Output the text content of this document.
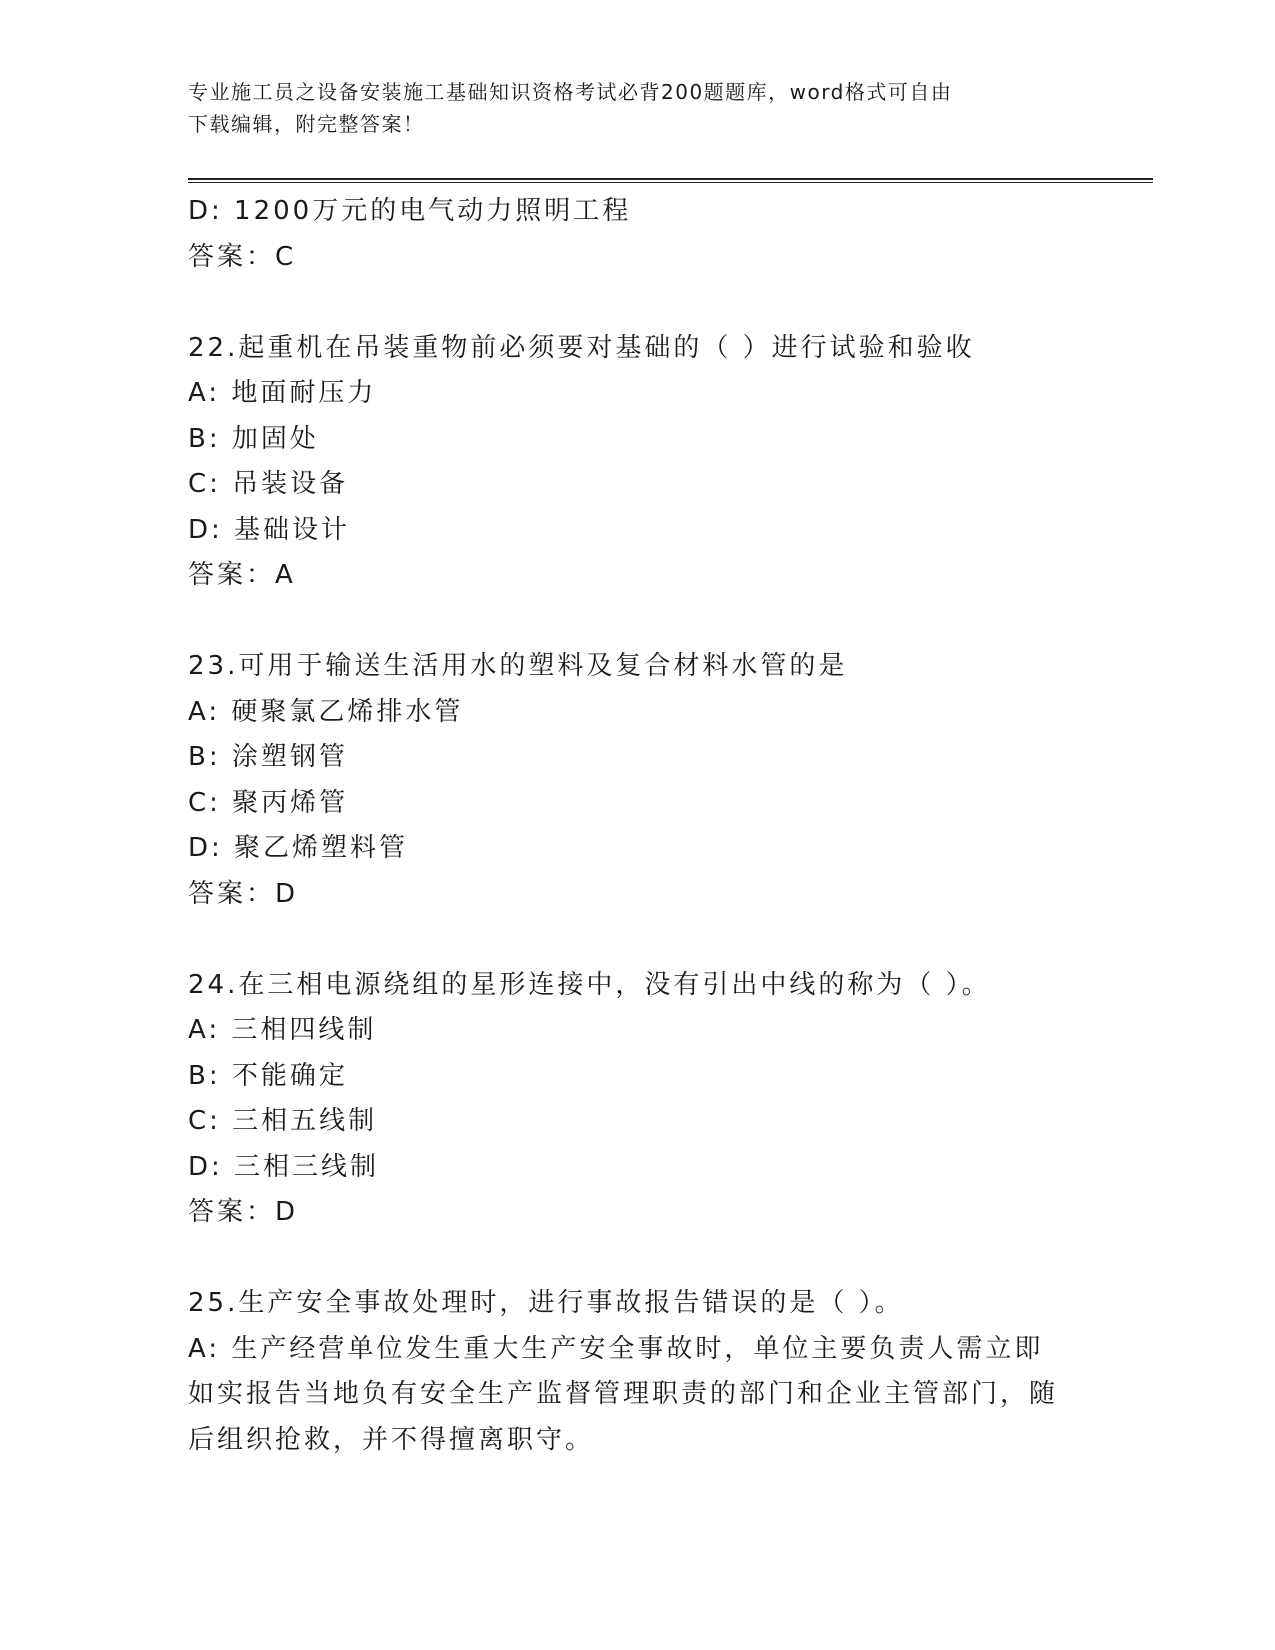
专业施工员之设备安装施工基础知识资格考试必背200题题库，word格式可自由
下载编辑，附完整答案！
D: 1200万元的电气动力照明工程
答案：C
22.起重机在吊装重物前必须要对基础的（ ）进行试验和验收
A: 地面耐压力
B: 加固处
C: 吊装设备
D: 基础设计
答案：A
23.可用于输送生活用水的塑料及复合材料水管的是
A: 硬聚氯乙烯排水管
B: 涂塑钢管
C: 聚丙烯管
D: 聚乙烯塑料管
答案：D
24.在三相电源绕组的星形连接中，没有引出中线的称为（ ）。
A: 三相四线制
B: 不能确定
C: 三相五线制
D: 三相三线制
答案：D
25.生产安全事故处理时，进行事故报告错误的是（ ）。
A: 生产经营单位发生重大生产安全事故时，单位主要负责人需立即如实报告当地负有安全生产监督管理职责的部门和企业主管部门，随后组织抢救，并不得擅离职守。
